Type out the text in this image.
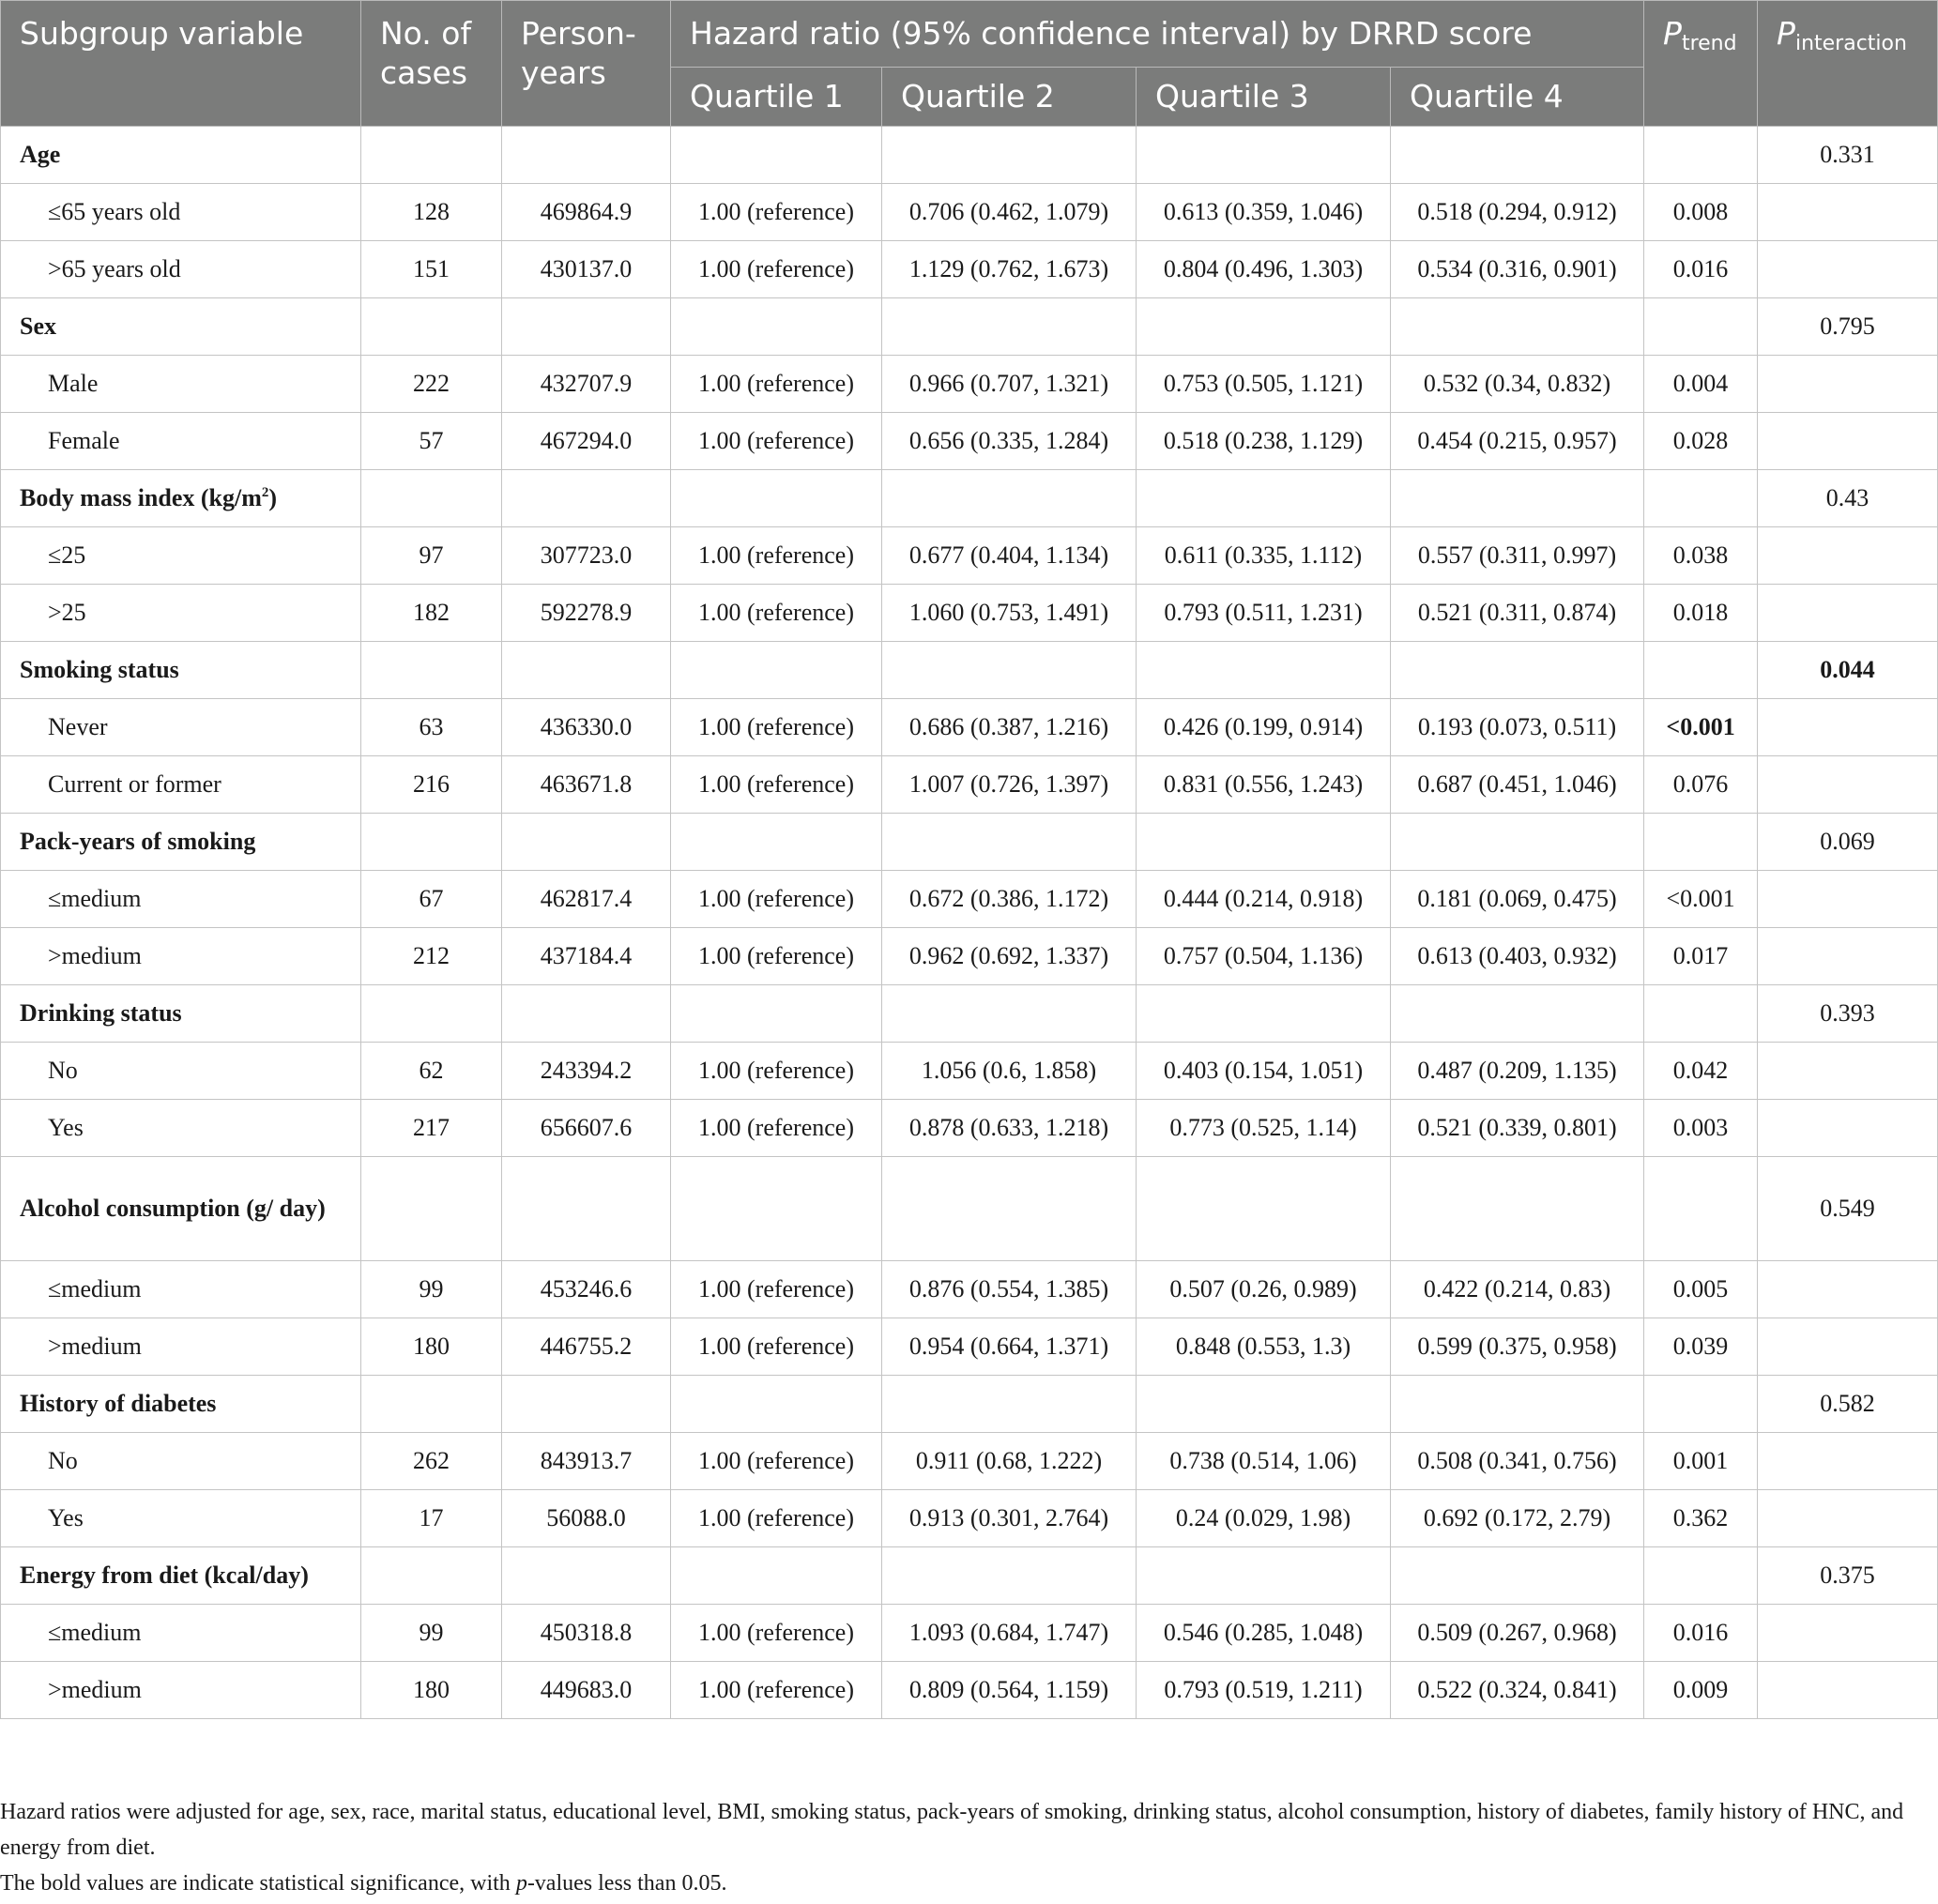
Subgroup variable	No. of cases	Person-years	Hazard ratio (95% confidence interval) by DRRD score				$P_{trend}$	$P_{interaction}$
			Quartile 1	Quartile 2	Quartile 3	Quartile 4		
Age								0.331
≤65 years old	128	469864.9	1.00 (reference)	0.706 (0.462, 1.079)	0.613 (0.359, 1.046)	0.518 (0.294, 0.912)	0.008	
>65 years old	151	430137.0	1.00 (reference)	1.129 (0.762, 1.673)	0.804 (0.496, 1.303)	0.534 (0.316, 0.901)	0.016	
Sex								0.795
Male	222	432707.9	1.00 (reference)	0.966 (0.707, 1.321)	0.753 (0.505, 1.121)	0.532 (0.34, 0.832)	0.004	
Female	57	467294.0	1.00 (reference)	0.656 (0.335, 1.284)	0.518 (0.238, 1.129)	0.454 (0.215, 0.957)	0.028	
Body mass index $(kg/m^2)$								0.43
≤25	97	307723.0	1.00 (reference)	0.677 (0.404, 1.134)	0.611 (0.335, 1.112)	0.557 (0.311, 0.997)	0.038	
>25	182	592278.9	1.00 (reference)	1.060 (0.753, 1.491)	0.793 (0.511, 1.231)	0.521 (0.311, 0.874)	0.018	
Smoking status								0.044
Never	63	436330.0	1.00 (reference)	0.686 (0.387, 1.216)	0.426 (0.199, 0.914)	0.193 (0.073, 0.511)	<0.001	
Current or former	216	463671.8	1.00 (reference)	1.007 (0.726, 1.397)	0.831 (0.556, 1.243)	0.687 (0.451, 1.046)	0.076	
Pack-years of smoking								0.069
≤medium	67	462817.4	1.00 (reference)	0.672 (0.386, 1.172)	0.444 (0.214, 0.918)	0.181 (0.069, 0.475)	<0.001	
>medium	212	437184.4	1.00 (reference)	0.962 (0.692, 1.337)	0.757 (0.504, 1.136)	0.613 (0.403, 0.932)	0.017	
Drinking status								0.393
No	62	243394.2	1.00 (reference)	1.056 (0.6, 1.858)	0.403 (0.154, 1.051)	0.487 (0.209, 1.135)	0.042	
Yes	217	656607.6	1.00 (reference)	0.878 (0.633, 1.218)	0.773 (0.525, 1.14)	0.521 (0.339, 0.801)	0.003	
Alcohol consumption (g/ day)								0.549
≤medium	99	453246.6	1.00 (reference)	0.876 (0.554, 1.385)	0.507 (0.26, 0.989)	0.422 (0.214, 0.83)	0.005	
>medium	180	446755.2	1.00 (reference)	0.954 (0.664, 1.371)	0.848 (0.553, 1.3)	0.599 (0.375, 0.958)	0.039	
History of diabetes								0.582
No	262	843913.7	1.00 (reference)	0.911 (0.68, 1.222)	0.738 (0.514, 1.06)	0.508 (0.341, 0.756)	0.001	
Yes	17	56088.0	1.00 (reference)	0.913 (0.301, 2.764)	0.24 (0.029, 1.98)	0.692 (0.172, 2.79)	0.362	
Energy from diet (kcal/day)								0.375
≤medium	99	450318.8	1.00 (reference)	1.093 (0.684, 1.747)	0.546 (0.285, 1.048)	0.509 (0.267, 0.968)	0.016	
>medium	180	449683.0	1.00 (reference)	0.809 (0.564, 1.159)	0.793 (0.519, 1.211)	0.522 (0.324, 0.841)	0.009	

Hazard ratios were adjusted for age, sex, race, marital status, educational level, BMI, smoking status, pack-years of smoking, drinking status, alcohol consumption, history of diabetes, family history of HNC, and energy from diet.

The bold values are indicate statistical significance, with p-values less than 0.05.
